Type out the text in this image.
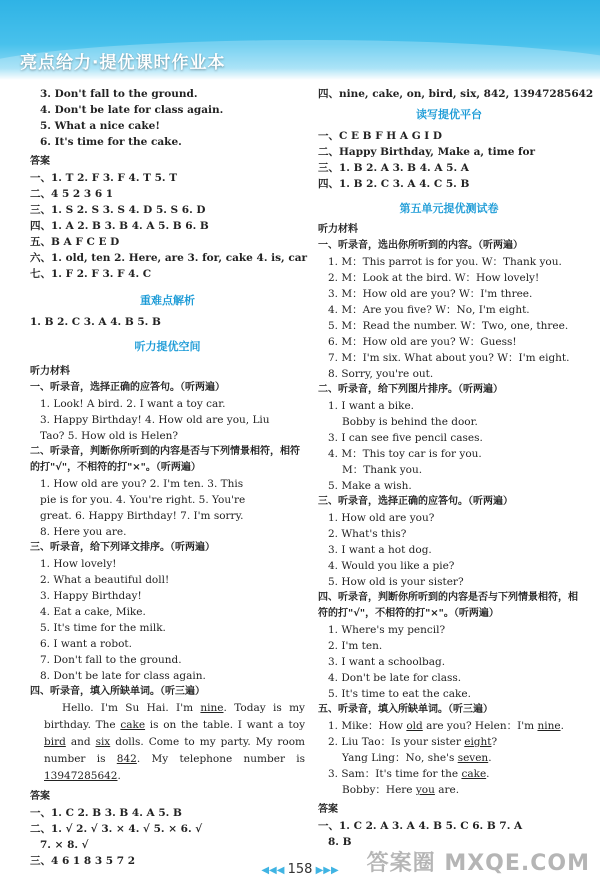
亮点给力·提优课时作业本
3. Don't fall to the ground.
4. Don't be late for class again.
5. What a nice cake!
6. It's time for the cake.
答案
一、1. T 2. F 3. F 4. T 5. T
二、4 5 2 3 6 1
三、1. S 2. S 3. S 4. D 5. S 6. D
四、1. A 2. B 3. B 4. A 5. B 6. B
五、B A F C E D
六、1. old, ten 2. Here, are 3. for, cake 4. is, car
七、1. F 2. F 3. F 4. C
重难点解析
1. B 2. C 3. A 4. B 5. B
听力提优空间
听力材料
一、听录音，选择正确的应答句。（听两遍）
1. Look! A bird. 2. I want a toy car.
3. Happy Birthday! 4. How old are you, Liu
Tao? 5. How old is Helen?
二、听录音，判断你所听到的内容是否与下列情景相符，相符的打"√"，不相符的打"×"。（听两遍）
1. How old are you? 2. I'm ten. 3. This
pie is for you. 4. You're right. 5. You're
great. 6. Happy Birthday! 7. I'm sorry.
8. Here you are.
三、听录音，给下列译文排序。（听两遍）
1. How lovely!
2. What a beautiful doll!
3. Happy Birthday!
4. Eat a cake, Mike.
5. It's time for the milk.
6. I want a robot.
7. Don't fall to the ground.
8. Don't be late for class again.
四、听录音，填入所缺单词。（听三遍）
Hello. I'm Su Hai. I'm nine. Today is my birthday. The cake is on the table. I want a toy bird and six dolls. Come to my party. My room number is 842. My telephone number is 13947285642.
答案
一、1. C 2. B 3. B 4. A 5. B
二、1. √ 2. √ 3. × 4. √ 5. × 6. √
7. × 8. √
三、4 6 1 8 3 5 7 2
四、nine, cake, on, bird, six, 842, 13947285642
读写提优平台
一、C E B F H A G I D
二、Happy Birthday, Make a, time for
三、1. B 2. A 3. B 4. A 5. A
四、1. B 2. C 3. A 4. C 5. B
第五单元提优测试卷
听力材料
一、听录音，选出你所听到的内容。（听两遍）
1. M：This parrot is for you. W：Thank you.
2. M：Look at the bird. W：How lovely!
3. M：How old are you? W：I'm three.
4. M：Are you five? W：No, I'm eight.
5. M：Read the number. W：Two, one, three.
6. M：How old are you? W：Guess!
7. M：I'm six. What about you? W：I'm eight.
8. Sorry, you're out.
二、听录音，给下列图片排序。（听两遍）
1. I want a bike.
Bobby is behind the door.
3. I can see five pencil cases.
4. M：This toy car is for you.
M：Thank you.
5. Make a wish.
三、听录音，选择正确的应答句。（听两遍）
1. How old are you?
2. What's this?
3. I want a hot dog.
4. Would you like a pie?
5. How old is your sister?
四、听录音，判断你所听到的内容是否与下列情景相符，相符的打"√"，不相符的打"×"。（听两遍）
1. Where's my pencil?
2. I'm ten.
3. I want a schoolbag.
4. Don't be late for class.
5. It's time to eat the cake.
五、听录音，填入所缺单词。（听三遍）
1. Mike：How old are you? Helen：I'm nine.
2. Liu Tao：Is your sister eight?
Yang Ling：No, she's seven.
3. Sam：It's time for the cake.
Bobby：Here you are.
答案
一、1. C 2. A 3. A 4. B 5. C 6. B 7. A
8. B
◀◀◀ 158 ▶▶▶	答案圈 MXQE.COM
